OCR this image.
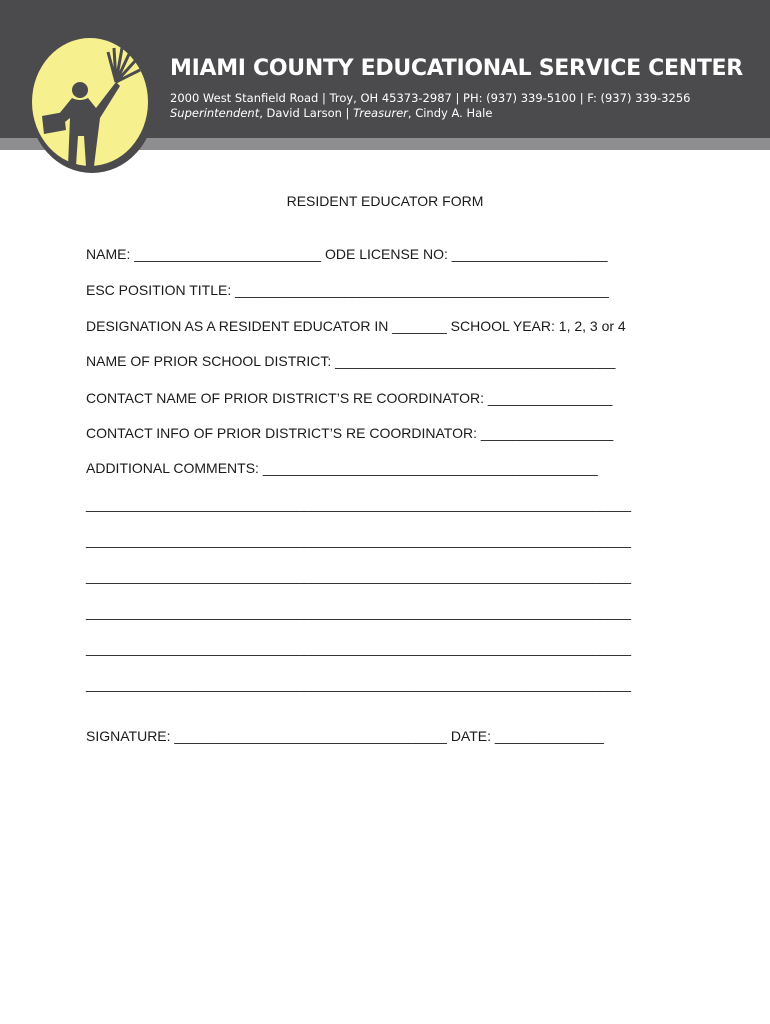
MIAMI COUNTY EDUCATIONAL SERVICE CENTER
2000 West Stanfield Road | Troy, OH 45373-2987 | PH: (937) 339-5100 | F: (937) 339-3256
Superintendent, David Larson | Treasurer, Cindy A. Hale
RESIDENT EDUCATOR FORM
NAME: ________________________ ODE LICENSE NO: ____________________
ESC POSITION TITLE: ________________________________________________
DESIGNATION AS A RESIDENT EDUCATOR IN _______ SCHOOL YEAR: 1, 2, 3 or 4
NAME OF PRIOR SCHOOL DISTRICT: ____________________________________
CONTACT NAME OF PRIOR DISTRICT’S RE COORDINATOR: ________________
CONTACT INFO OF PRIOR DISTRICT’S RE COORDINATOR: _________________
ADDITIONAL COMMENTS: ___________________________________________
______________________________________________________________________
______________________________________________________________________
______________________________________________________________________
______________________________________________________________________
______________________________________________________________________
______________________________________________________________________
SIGNATURE: ___________________________________ DATE: ______________
